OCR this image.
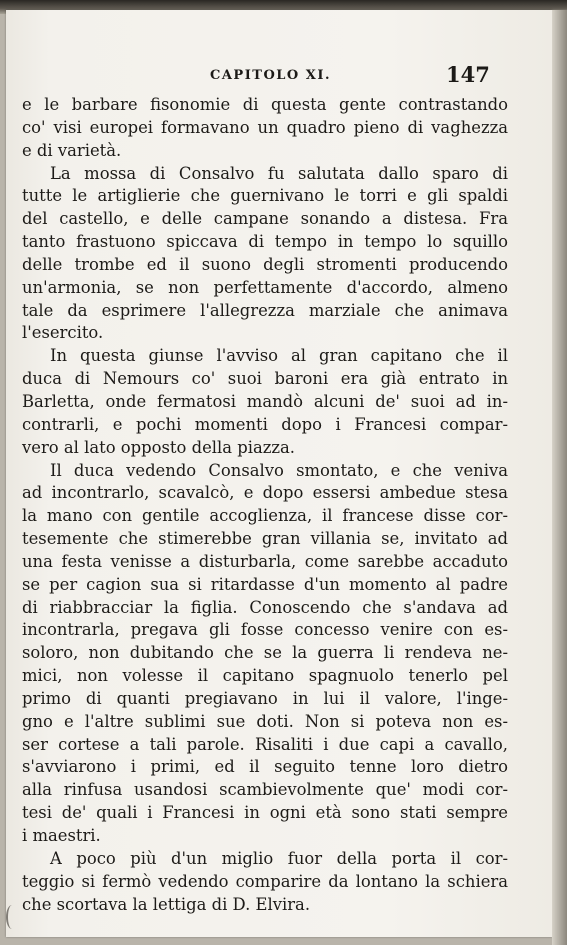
CAPITOLO XI.	147
e le barbare fisonomie di questa gente contrastando
co' visi europei formavano un quadro pieno di vaghezza
e di varietà.
La mossa di Consalvo fu salutata dallo sparo di
tutte le artiglierie che guernivano le torri e gli spaldi
del castello, e delle campane sonando a distesa. Fra
tanto frastuono spiccava di tempo in tempo lo squillo
delle trombe ed il suono degli stromenti producendo
un'armonia, se non perfettamente d'accordo, almeno
tale da esprimere l'allegrezza marziale che animava
l'esercito.
In questa giunse l'avviso al gran capitano che il
duca di Nemours co' suoi baroni era già entrato in
Barletta, onde fermatosi mandò alcuni de' suoi ad in-
contrarli, e pochi momenti dopo i Francesi compar-
vero al lato opposto della piazza.
Il duca vedendo Consalvo smontato, e che veniva
ad incontrarlo, scavalcò, e dopo essersi ambedue stesa
la mano con gentile accoglienza, il francese disse cor-
tesemente che stimerebbe gran villania se, invitato ad
una festa venisse a disturbarla, come sarebbe accaduto
se per cagion sua si ritardasse d'un momento al padre
di riabbracciar la figlia. Conoscendo che s'andava ad
incontrarla, pregava gli fosse concesso venire con es-
soloro, non dubitando che se la guerra li rendeva ne-
mici, non volesse il capitano spagnuolo tenerlo pel
primo di quanti pregiavano in lui il valore, l'inge-
gno e l'altre sublimi sue doti. Non si poteva non es-
ser cortese a tali parole. Risaliti i due capi a cavallo,
s'avviarono i primi, ed il seguito tenne loro dietro
alla rinfusa usandosi scambievolmente que' modi cor-
tesi de' quali i Francesi in ogni età sono stati sempre
i maestri.
A poco più d'un miglio fuor della porta il cor-
teggio si fermò vedendo comparire da lontano la schiera
che scortava la lettiga di D. Elvira.
